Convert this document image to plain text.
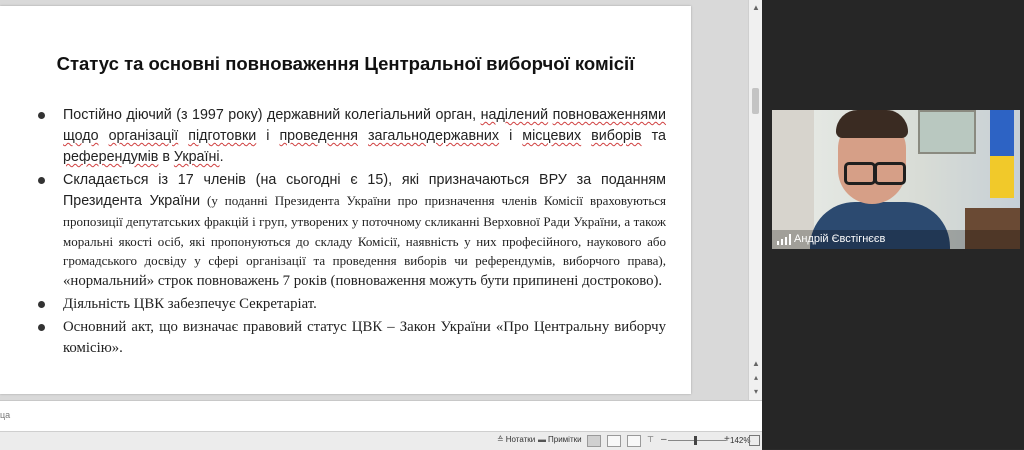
Статус та основні повноваження Центральної виборчої комісії
Постійно діючий (з 1997 року) державний колегіальний орган, наділений повноваженнями щодо організації підготовки і проведення загальнодержавних і місцевих виборів та референдумів в Україні.
Складається із 17 членів (на сьогодні є 15), які призначаються ВРУ за поданням Президента України (у поданні Президента України про призначення членів Комісії враховуються пропозиції депутатських фракцій і груп, утворених у поточному скликанні Верховної Ради України, а також моральні якості осіб, які пропонуються до складу Комісії, наявність у них професійного, наукового або громадського досвіду у сфері організації та проведення виборів чи референдумів, виборчого права), «нормальний» строк повноважень 7 років (повноваження можуть бути припинені достроково).
Діяльність ЦВК забезпечує Секретаріат.
Основний акт, що визначає правовий статус ЦВК – Закон України «Про Центральну виборчу комісію».
▲
▲
▴
▾
ца
≙ Нотатки ▬ Примітки	⊤ –	+ 142%
Андрій Євстігнєєв
